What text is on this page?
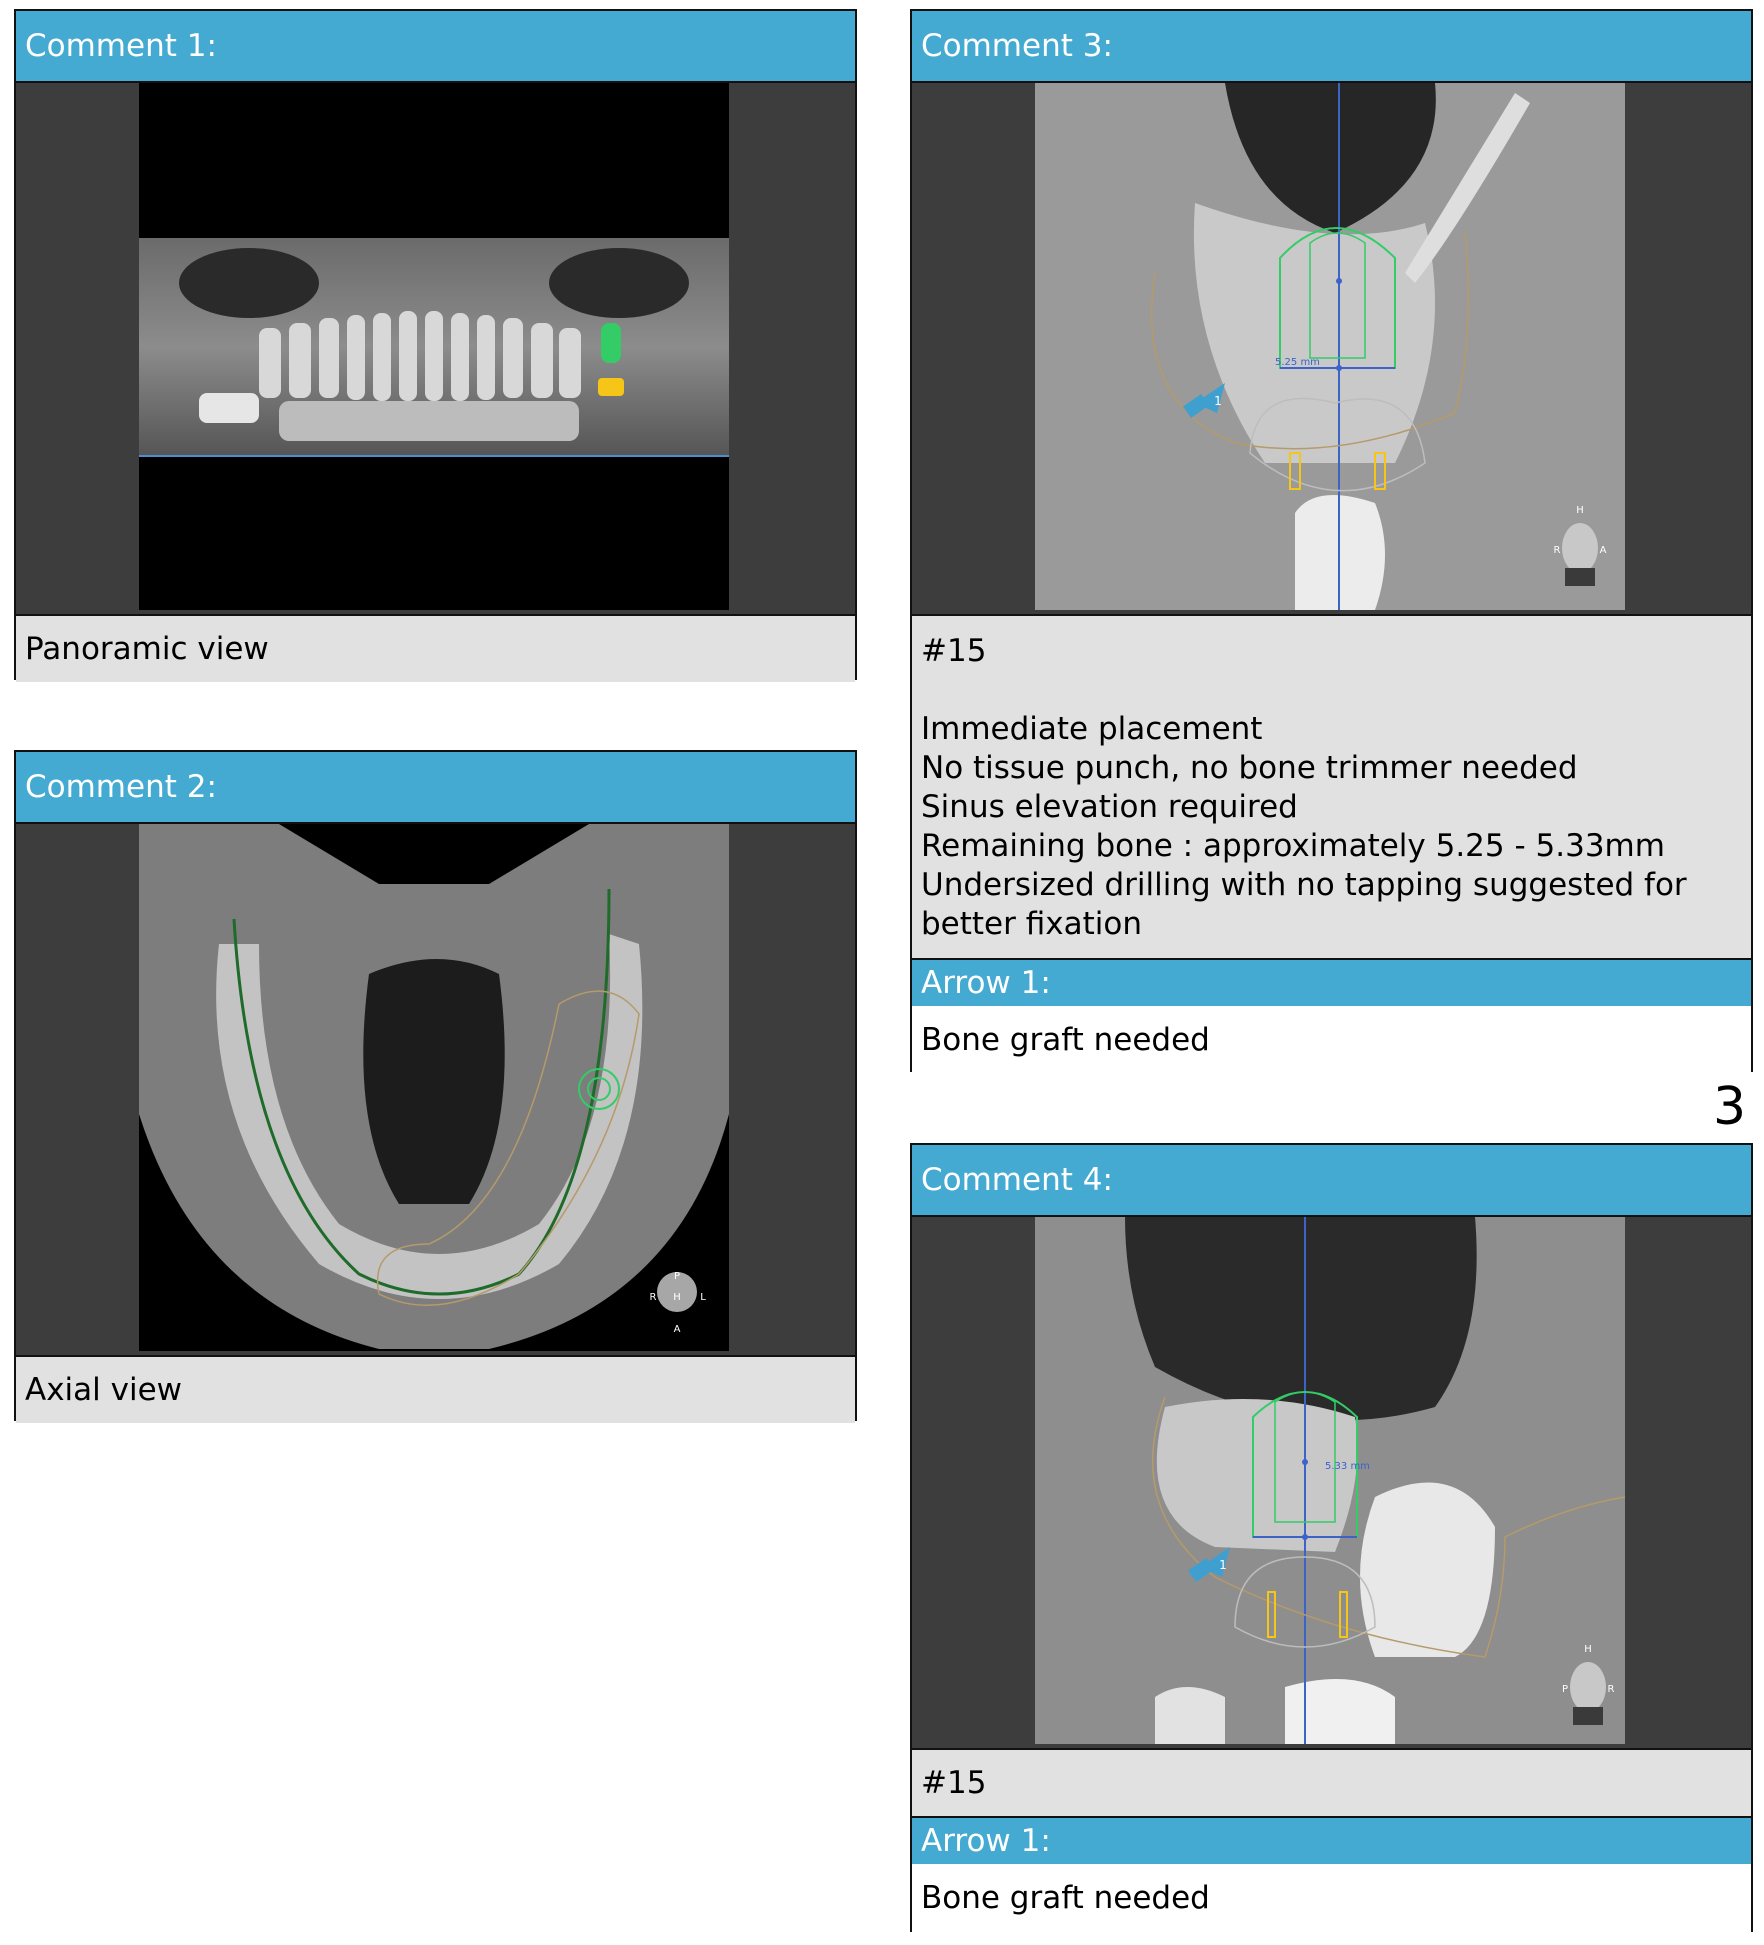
Comment 1:
Panoramic view
Comment 2:
P
R H L
A
Axial view
Comment 3:
5.25 mm
1
H
R	A
#15
Immediate placement
No tissue punch, no bone trimmer needed
Sinus elevation required
Remaining bone : approximately 5.25 - 5.33mm
Undersized drilling with no tapping suggested for
better fixation
Arrow 1:
Bone graft needed
3
Comment 4:
5.33 mm
1
H
P	R
#15
Arrow 1:
Bone graft needed
